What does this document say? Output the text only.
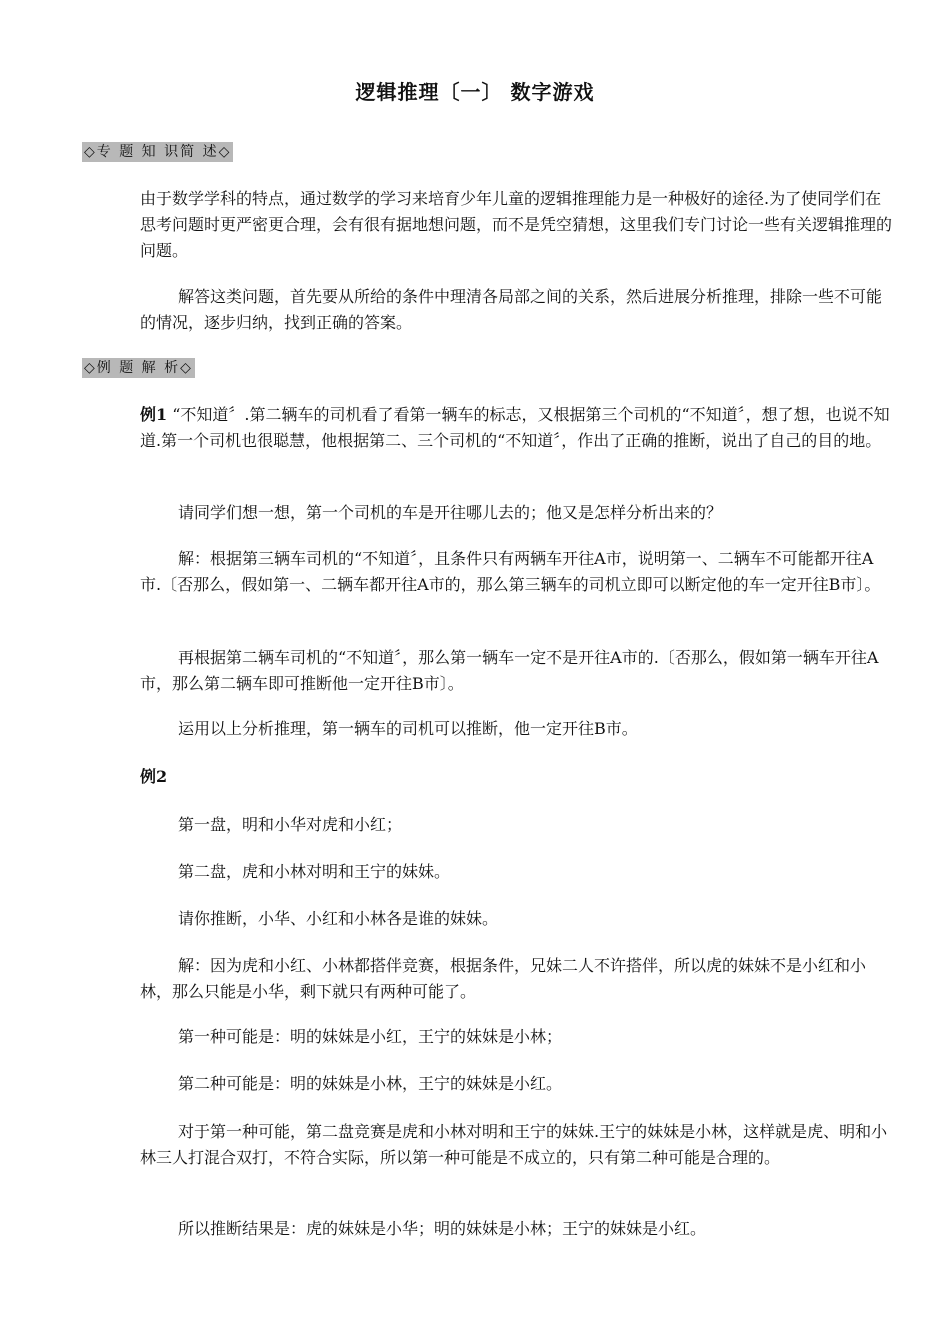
逻辑推理〔一〕 数字游戏
◇专 题 知 识简 述◇

由于数学学科的特点，通过数学的学习来培育少年儿童的逻辑推理能力是一种极好的途径.为了使同学们在思考问题时更严密更合理，会有很有据地想问题，而不是凭空猜想，这里我们专门讨论一些有关逻辑推理的问题。

解答这类问题，首先要从所给的条件中理清各局部之间的关系，然后进展分析推理，排除一些不可能的情况，逐步归纳，找到正确的答案。

◇例 题 解 析◇

例1 “不知道〞.第二辆车的司机看了看第一辆车的标志，又根据第三个司机的“不知道〞，想了想，也说不知道.第一个司机也很聪慧，他根据第二、三个司机的“不知道〞，作出了正确的推断，说出了自己的目的地。

请同学们想一想，第一个司机的车是开往哪儿去的；他又是怎样分析出来的？

解：根据第三辆车司机的“不知道〞，且条件只有两辆车开往A市，说明第一、二辆车不可能都开往A市.〔否那么，假如第一、二辆车都开往A市的，那么第三辆车的司机立即可以断定他的车一定开往B市〕。

再根据第二辆车司机的“不知道〞，那么第一辆车一定不是开往A市的.〔否那么，假如第一辆车开往A市，那么第二辆车即可推断他一定开往B市〕。

运用以上分析推理，第一辆车的司机可以推断，他一定开往B市。

例2

第一盘，明和小华对虎和小红；

第二盘，虎和小林对明和王宁的妹妹。

请你推断，小华、小红和小林各是谁的妹妹。

解：因为虎和小红、小林都搭伴竞赛，根据条件，兄妹二人不许搭伴，所以虎的妹妹不是小红和小林，那么只能是小华，剩下就只有两种可能了。

第一种可能是：明的妹妹是小红，王宁的妹妹是小林；

第二种可能是：明的妹妹是小林，王宁的妹妹是小红。

对于第一种可能，第二盘竞赛是虎和小林对明和王宁的妹妹.王宁的妹妹是小林，这样就是虎、明和小林三人打混合双打，不符合实际，所以第一种可能是不成立的，只有第二种可能是合理的。

所以推断结果是：虎的妹妹是小华；明的妹妹是小林；王宁的妹妹是小红。
